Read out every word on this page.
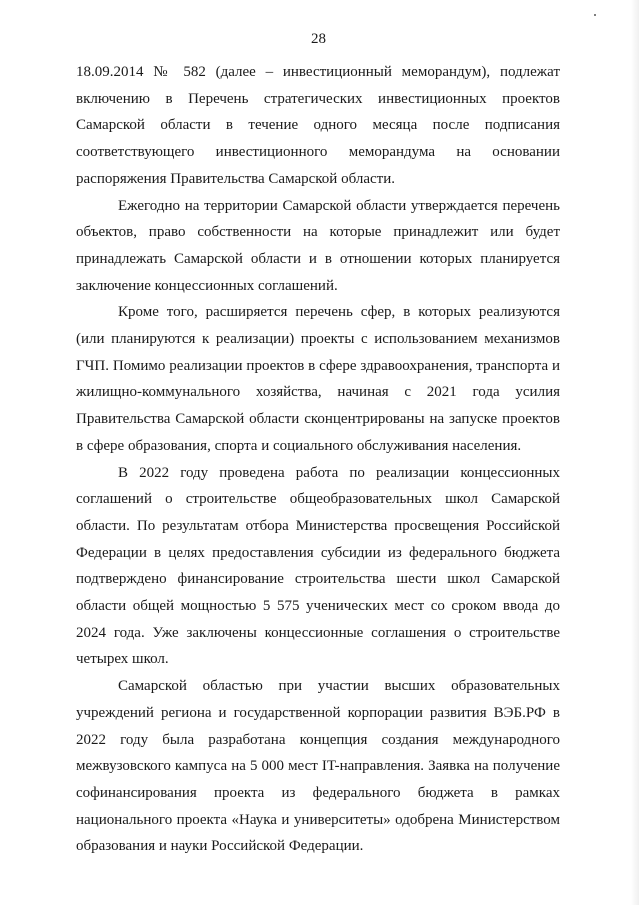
28

18.09.2014 № 582 (далее – инвестиционный меморандум), подлежат включению в Перечень стратегических инвестиционных проектов Самарской области в течение одного месяца после подписания соответствующего инвестиционного меморандума на основании распоряжения Правительства Самарской области.

Ежегодно на территории Самарской области утверждается перечень объектов, право собственности на которые принадлежит или будет принадлежать Самарской области и в отношении которых планируется заключение концессионных соглашений.

Кроме того, расширяется перечень сфер, в которых реализуются (или планируются к реализации) проекты с использованием механизмов ГЧП. Помимо реализации проектов в сфере здравоохранения, транспорта и жилищно-коммунального хозяйства, начиная с 2021 года усилия Правительства Самарской области сконцентрированы на запуске проектов в сфере образования, спорта и социального обслуживания населения.

В 2022 году проведена работа по реализации концессионных соглашений о строительстве общеобразовательных школ Самарской области. По результатам отбора Министерства просвещения Российской Федерации в целях предоставления субсидии из федерального бюджета подтверждено финансирование строительства шести школ Самарской области общей мощностью 5 575 ученических мест со сроком ввода до 2024 года. Уже заключены концессионные соглашения о строительстве четырех школ.

Самарской областью при участии высших образовательных учреждений региона и государственной корпорации развития ВЭБ.РФ в 2022 году была разработана концепция создания международного межвузовского кампуса на 5 000 мест IT-направления. Заявка на получение софинансирования проекта из федерального бюджета в рамках национального проекта «Наука и университеты» одобрена Министерством образования и науки Российской Федерации.
